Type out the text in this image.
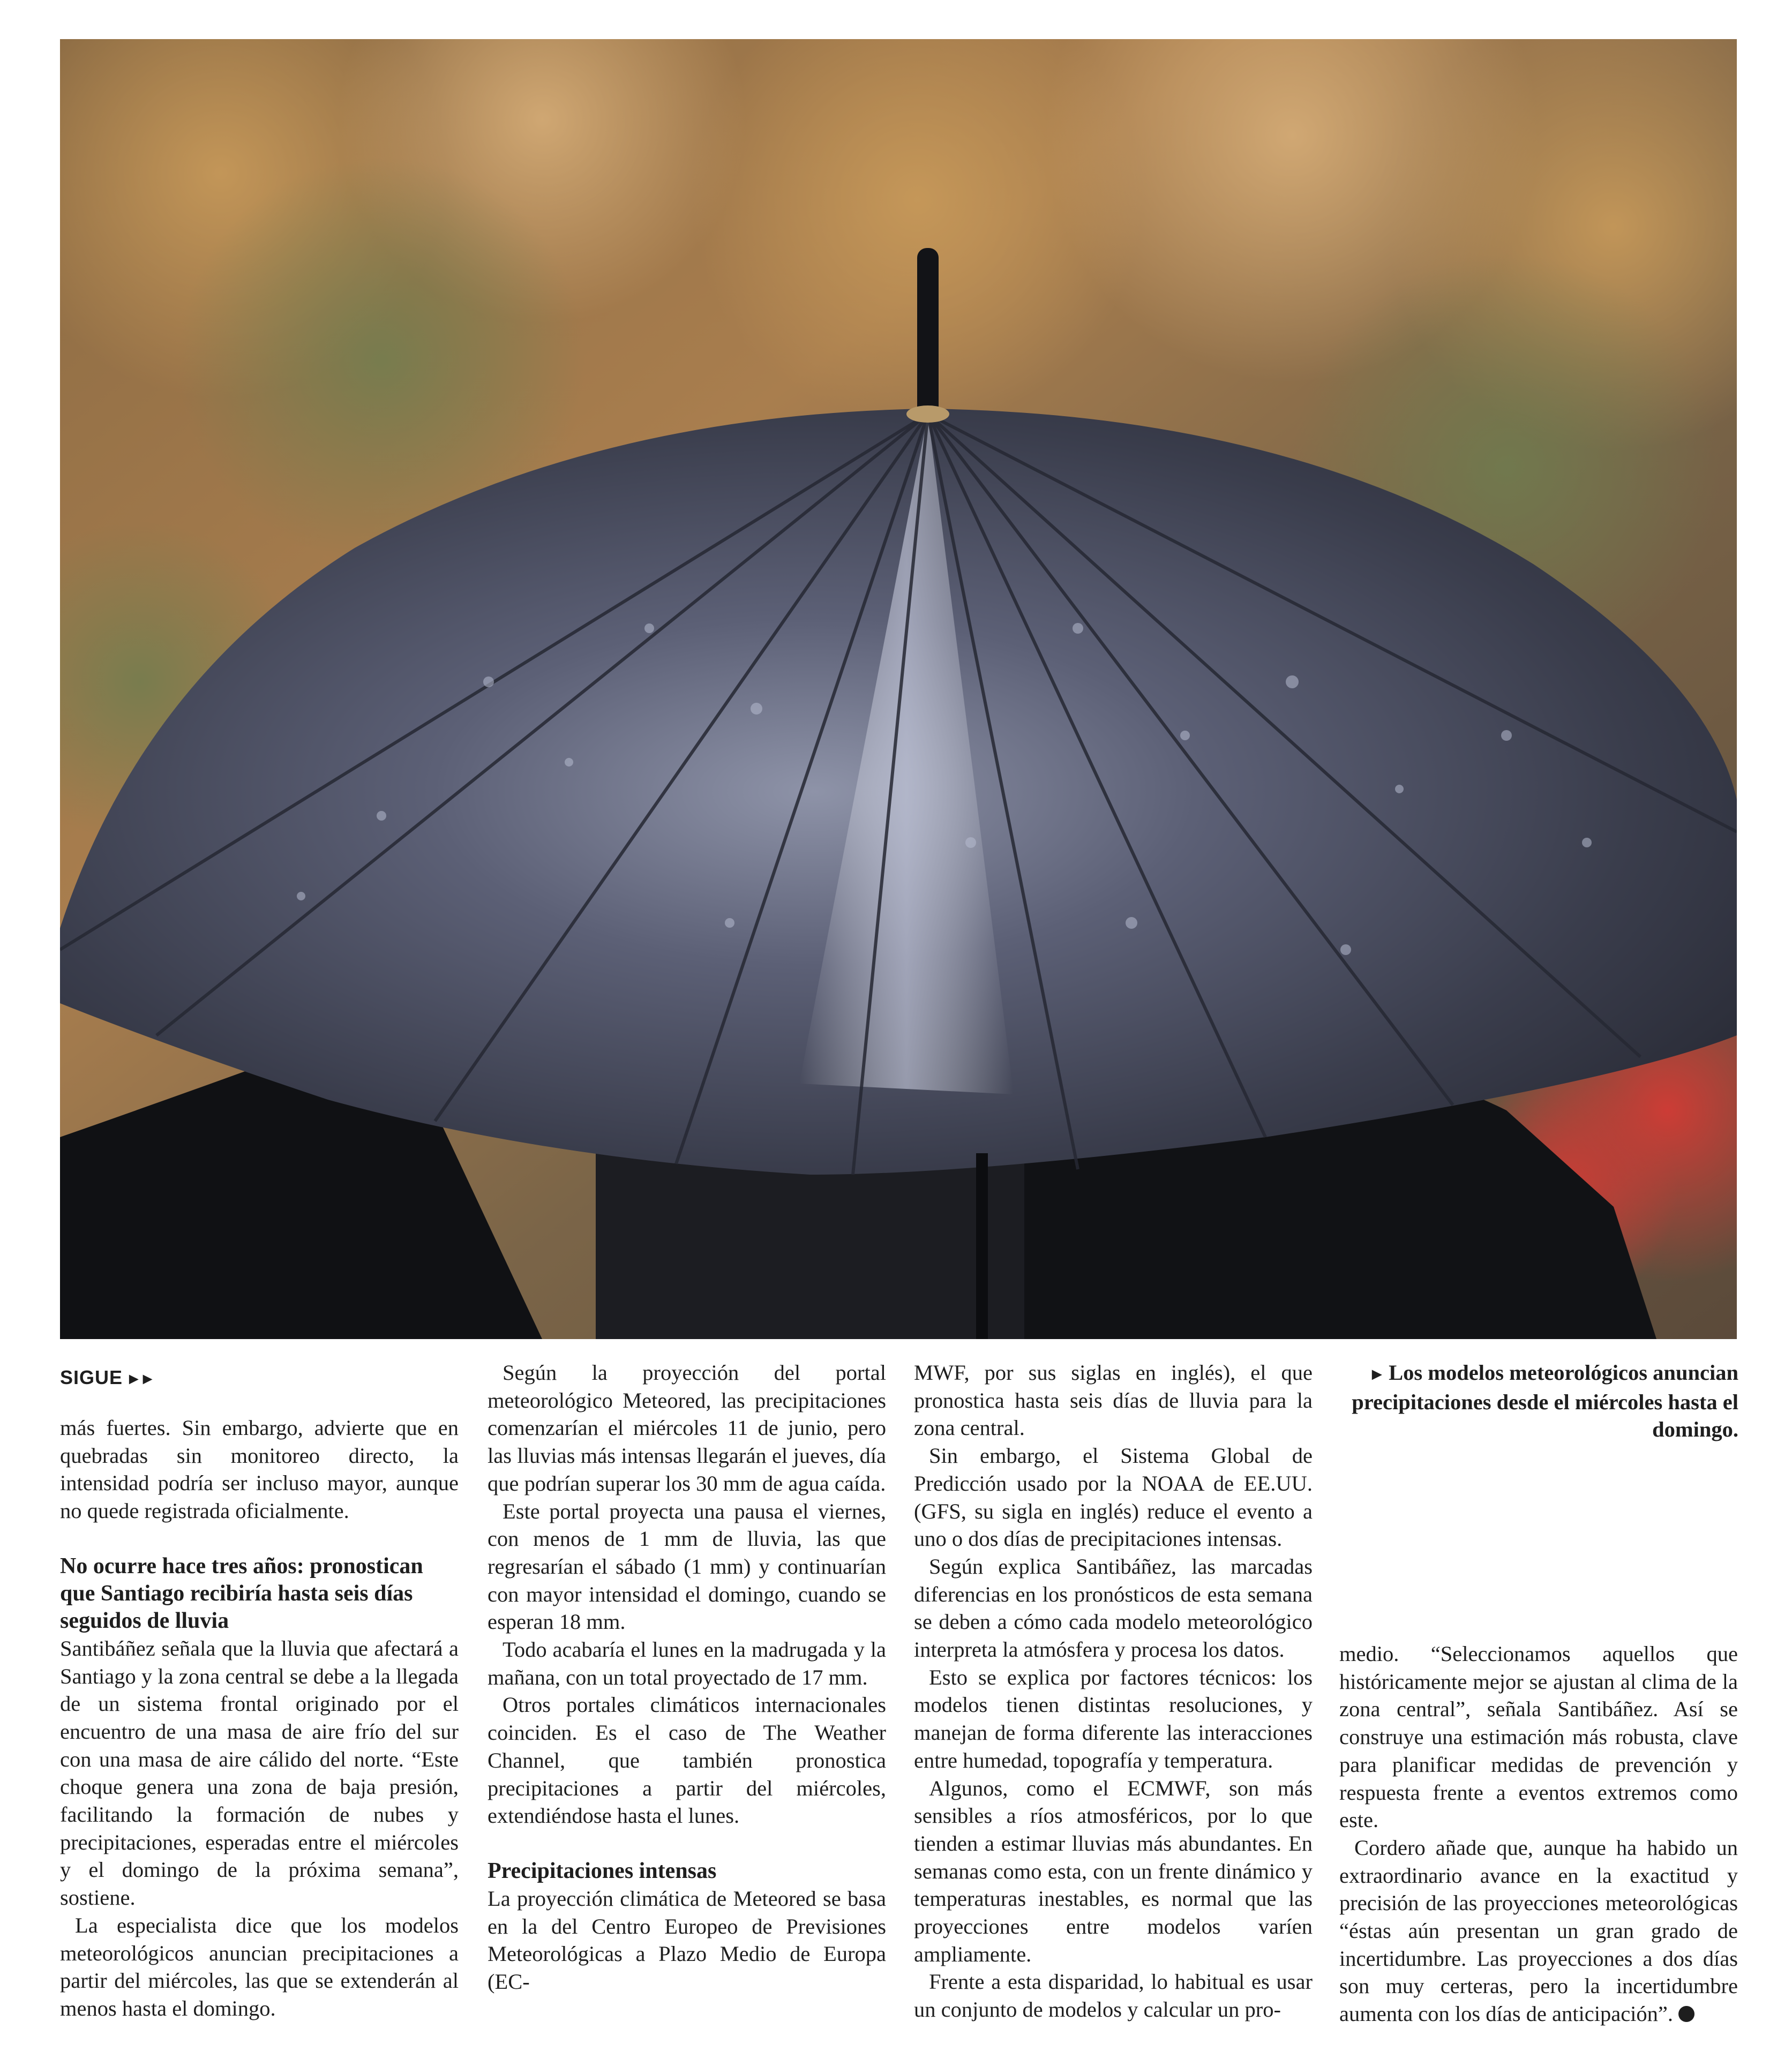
SIGUE ►►

más fuertes. Sin embargo, advierte que en quebradas sin monitoreo directo, la intensidad podría ser incluso mayor, aunque no quede registrada oficialmente.

No ocurre hace tres años: pronostican que Santiago recibiría hasta seis días seguidos de lluvia

Santibáñez señala que la lluvia que afectará a Santiago y la zona central se debe a la llegada de un sistema frontal originado por el encuentro de una masa de aire frío del sur con una masa de aire cálido del norte. “Este choque genera una zona de baja presión, facilitando la formación de nubes y precipitaciones, esperadas entre el miércoles y el domingo de la próxima semana”, sostiene.

La especialista dice que los modelos meteorológicos anuncian precipitaciones a partir del miércoles, las que se extenderán al menos hasta el domingo.

Según la proyección del portal meteorológico Meteored, las precipitaciones comenzarían el miércoles 11 de junio, pero las lluvias más intensas llegarán el jueves, día que podrían superar los 30 mm de agua caída.

Este portal proyecta una pausa el viernes, con menos de 1 mm de lluvia, las que regresarían el sábado (1 mm) y continuarían con mayor intensidad el domingo, cuando se esperan 18 mm.

Todo acabaría el lunes en la madrugada y la mañana, con un total proyectado de 17 mm.

Otros portales climáticos internacionales coinciden. Es el caso de The Weather Channel, que también pronostica precipitaciones a partir del miércoles, extendiéndose hasta el lunes.

Precipitaciones intensas

La proyección climática de Meteored se basa en la del Centro Europeo de Previsiones Meteorológicas a Plazo Medio de Europa (EC-

MWF, por sus siglas en inglés), el que pronostica hasta seis días de lluvia para la zona central.

Sin embargo, el Sistema Global de Predicción usado por la NOAA de EE.UU.(GFS, su sigla en inglés) reduce el evento a uno o dos días de precipitaciones intensas.

Según explica Santibáñez, las marcadas diferencias en los pronósticos de esta semana se deben a cómo cada modelo meteorológico interpreta la atmósfera y procesa los datos.

Esto se explica por factores técnicos: los modelos tienen distintas resoluciones, y manejan de forma diferente las interacciones entre humedad, topografía y temperatura.

Algunos, como el ECMWF, son más sensibles a ríos atmosféricos, por lo que tienden a estimar lluvias más abundantes. En semanas como esta, con un frente dinámico y temperaturas inestables, es normal que las proyecciones entre modelos varíen ampliamente.

Frente a esta disparidad, lo habitual es usar un conjunto de modelos y calcular un pro-

► Los modelos meteorológicos anuncian precipitaciones desde el miércoles hasta el domingo.

medio. “Seleccionamos aquellos que históricamente mejor se ajustan al clima de la zona central”, señala Santibáñez. Así se construye una estimación más robusta, clave para planificar medidas de prevención y respuesta frente a eventos extremos como este.

Cordero añade que, aunque ha habido un extraordinario avance en la exactitud y precisión de las proyecciones meteorológicas “éstas aún presentan un gran grado de incertidumbre. Las proyecciones a dos días son muy certeras, pero la incertidumbre aumenta con los días de anticipación”.
